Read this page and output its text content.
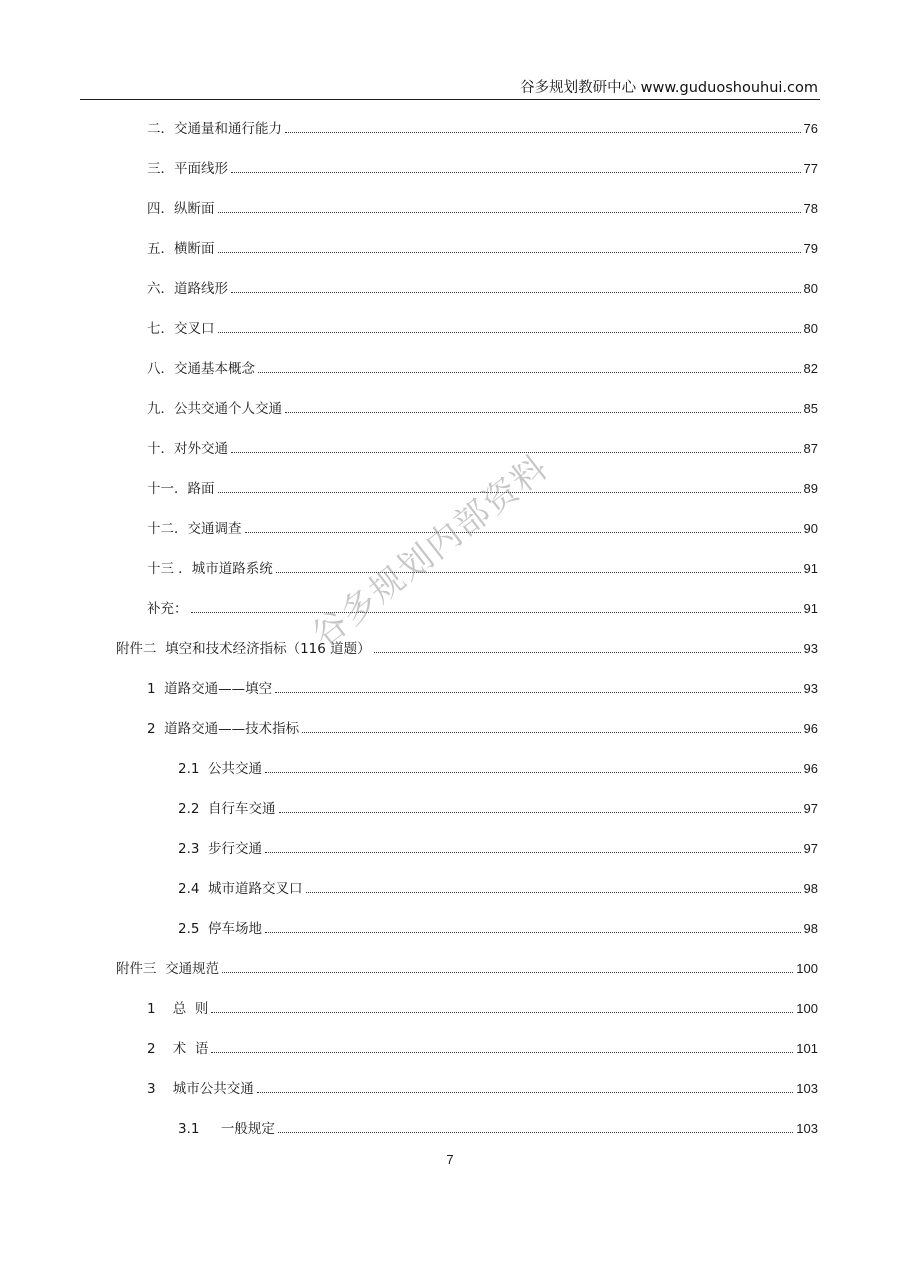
谷多规划教研中心 www.guduoshouhui.com
二．交通量和通行能力	76
三．平面线形	77
四．纵断面	78
五．横断面	79
六．道路线形	80
七．交叉口	80
八．交通基本概念	82
九．公共交通个人交通	85
十．对外交通	87
十一．路面	89
十二．交通调查	90
十三 ．城市道路系统	91
补充：	91
附件二  填空和技术经济指标（116 道题）	93
1  道路交通——填空	93
2  道路交通——技术指标	96
2.1  公共交通	96
2.2  自行车交通	97
2.3  步行交通	97
2.4  城市道路交叉口	98
2.5  停车场地	98
附件三  交通规范	100
1    总  则	100
2    术  语	101
3    城市公共交通	103
3.1     一般规定	103
谷多规划内部资料
7
